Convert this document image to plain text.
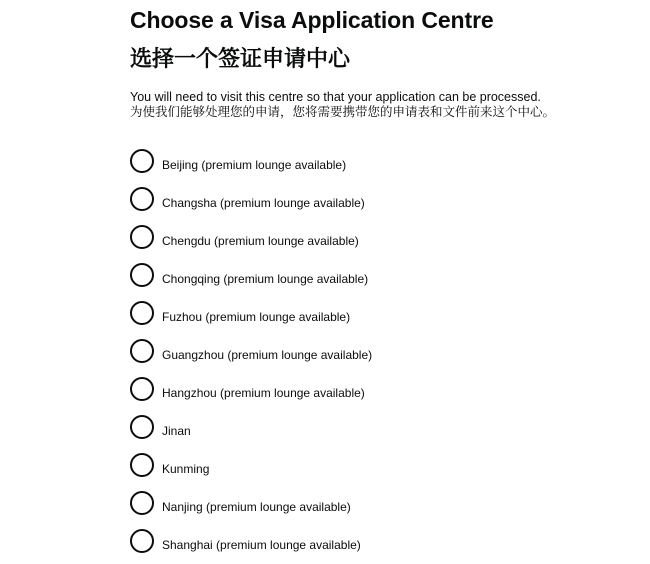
Choose a Visa Application Centre
选择一个签证申请中心

You will need to visit this centre so that your application can be processed.

为使我们能够处理您的申请，您将需要携带您的申请表和文件前来这个中心。

Beijing (premium lounge available)
Changsha (premium lounge available)
Chengdu (premium lounge available)
Chongqing (premium lounge available)
Fuzhou (premium lounge available)
Guangzhou (premium lounge available)
Hangzhou (premium lounge available)
Jinan
Kunming
Nanjing (premium lounge available)
Shanghai (premium lounge available)
